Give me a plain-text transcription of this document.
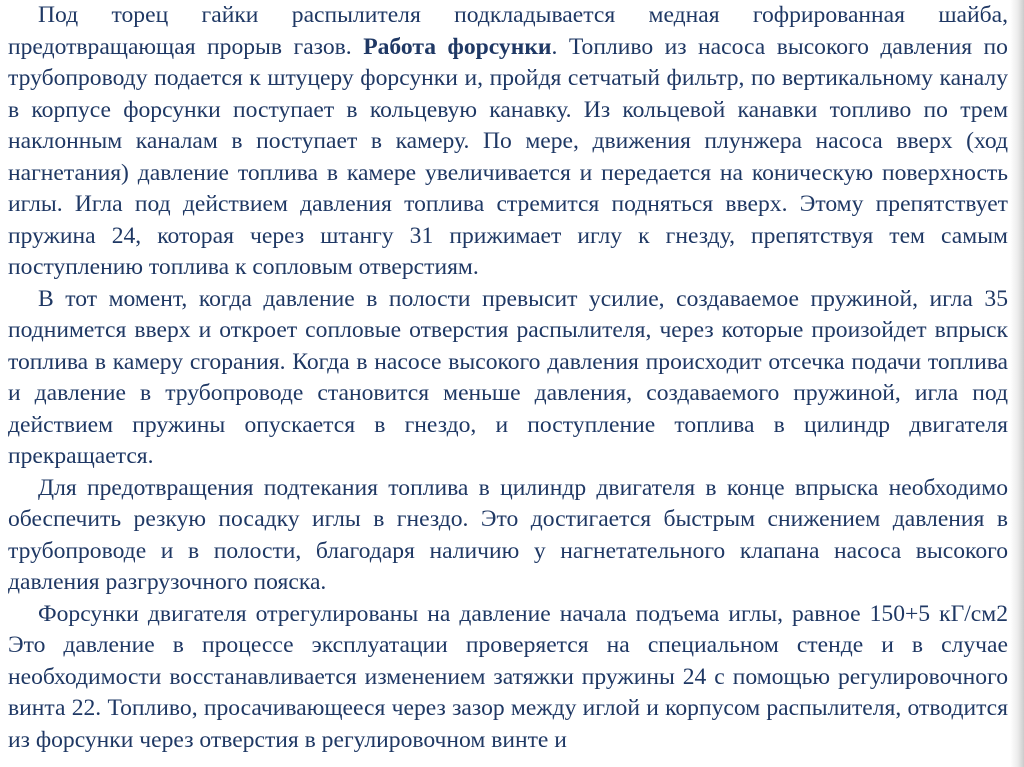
Под торец гайки распылителя подкладывается медная гофрированная шайба, предотвращающая прорыв газов. Работа форсунки. Топливо из насоса высокого давления по трубопроводу подается к штуцеру форсунки и, пройдя сетчатый фильтр, по вертикальному каналу в корпусе форсунки поступает в кольцевую канавку. Из кольцевой канавки топливо по трем наклонным каналам в поступает в камеру. По мере, движения плунжера насоса вверх (ход нагнетания) давление топлива в камере увеличивается и передается на коническую поверхность иглы. Игла под действием давления топлива стремится подняться вверх. Этому препятствует пружина 24, которая через штангу 31 прижимает иглу к гнезду, препятствуя тем самым поступлению топлива к сопловым отверстиям.

В тот момент, когда давление в полости превысит усилие, создаваемое пружиной, игла 35 поднимется вверх и откроет сопловые отверстия распылителя, через которые произойдет впрыск топлива в камеру сгорания. Когда в насосе высокого давления происходит отсечка подачи топлива и давление в трубопроводе становится меньше давления, создаваемого пружиной, игла под действием пружины опускается в гнездо, и поступление топлива в цилиндр двигателя прекращается.

Для предотвращения подтекания топлива в цилиндр двигателя в конце впрыска необходимо обеспечить резкую посадку иглы в гнездо. Это достигается быстрым снижением давления в трубопроводе и в полости, благодаря наличию у нагнетательного клапана насоса высокого давления разгрузочного пояска.

Форсунки двигателя отрегулированы на давление начала подъема иглы, равное 150+5 кГ/см2 Это давление в процессе эксплуатации проверяется на специальном стенде и в случае необходимости восстанавливается изменением затяжки пружины 24 с помощью регулировочного винта 22. Топливо, просачивающееся через зазор между иглой и корпусом распылителя, отводится из форсунки через отверстия в регулировочном винте и
